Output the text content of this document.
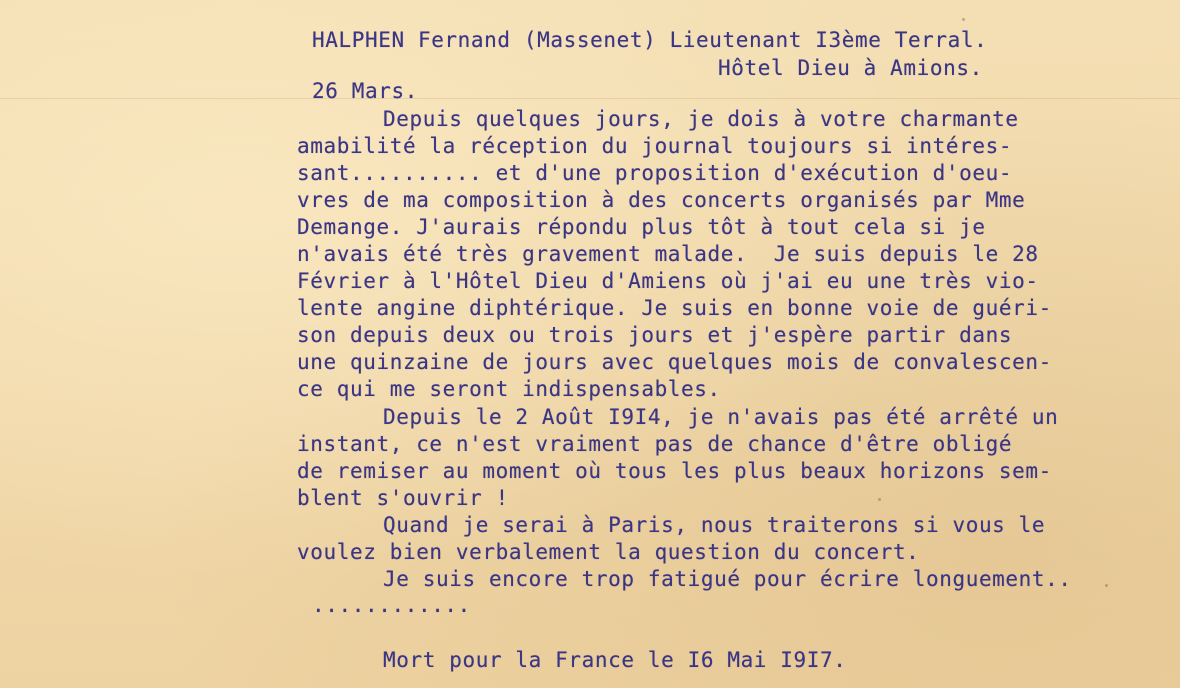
HALPHEN Fernand (Massenet) Lieutenant I3ème Terral.
Hôtel Dieu à Amions.
26 Mars.
Depuis quelques jours, je dois à votre charmante
amabilité la réception du journal toujours si intéres-
sant.......... et d'une proposition d'exécution d'oeu-
vres de ma composition à des concerts organisés par Mme
Demange. J'aurais répondu plus tôt à tout cela si je
n'avais été très gravement malade.  Je suis depuis le 28
Février à l'Hôtel Dieu d'Amiens où j'ai eu une très vio-
lente angine diphtérique. Je suis en bonne voie de guéri-
son depuis deux ou trois jours et j'espère partir dans
une quinzaine de jours avec quelques mois de convalescen-
ce qui me seront indispensables.
Depuis le 2 Août I9I4, je n'avais pas été arrêté un
instant, ce n'est vraiment pas de chance d'être obligé
de remiser au moment où tous les plus beaux horizons sem-
blent s'ouvrir !
Quand je serai à Paris, nous traiterons si vous le
voulez bien verbalement la question du concert.
Je suis encore trop fatigué pour écrire longuement..
............
Mort pour la France le I6 Mai I9I7.
